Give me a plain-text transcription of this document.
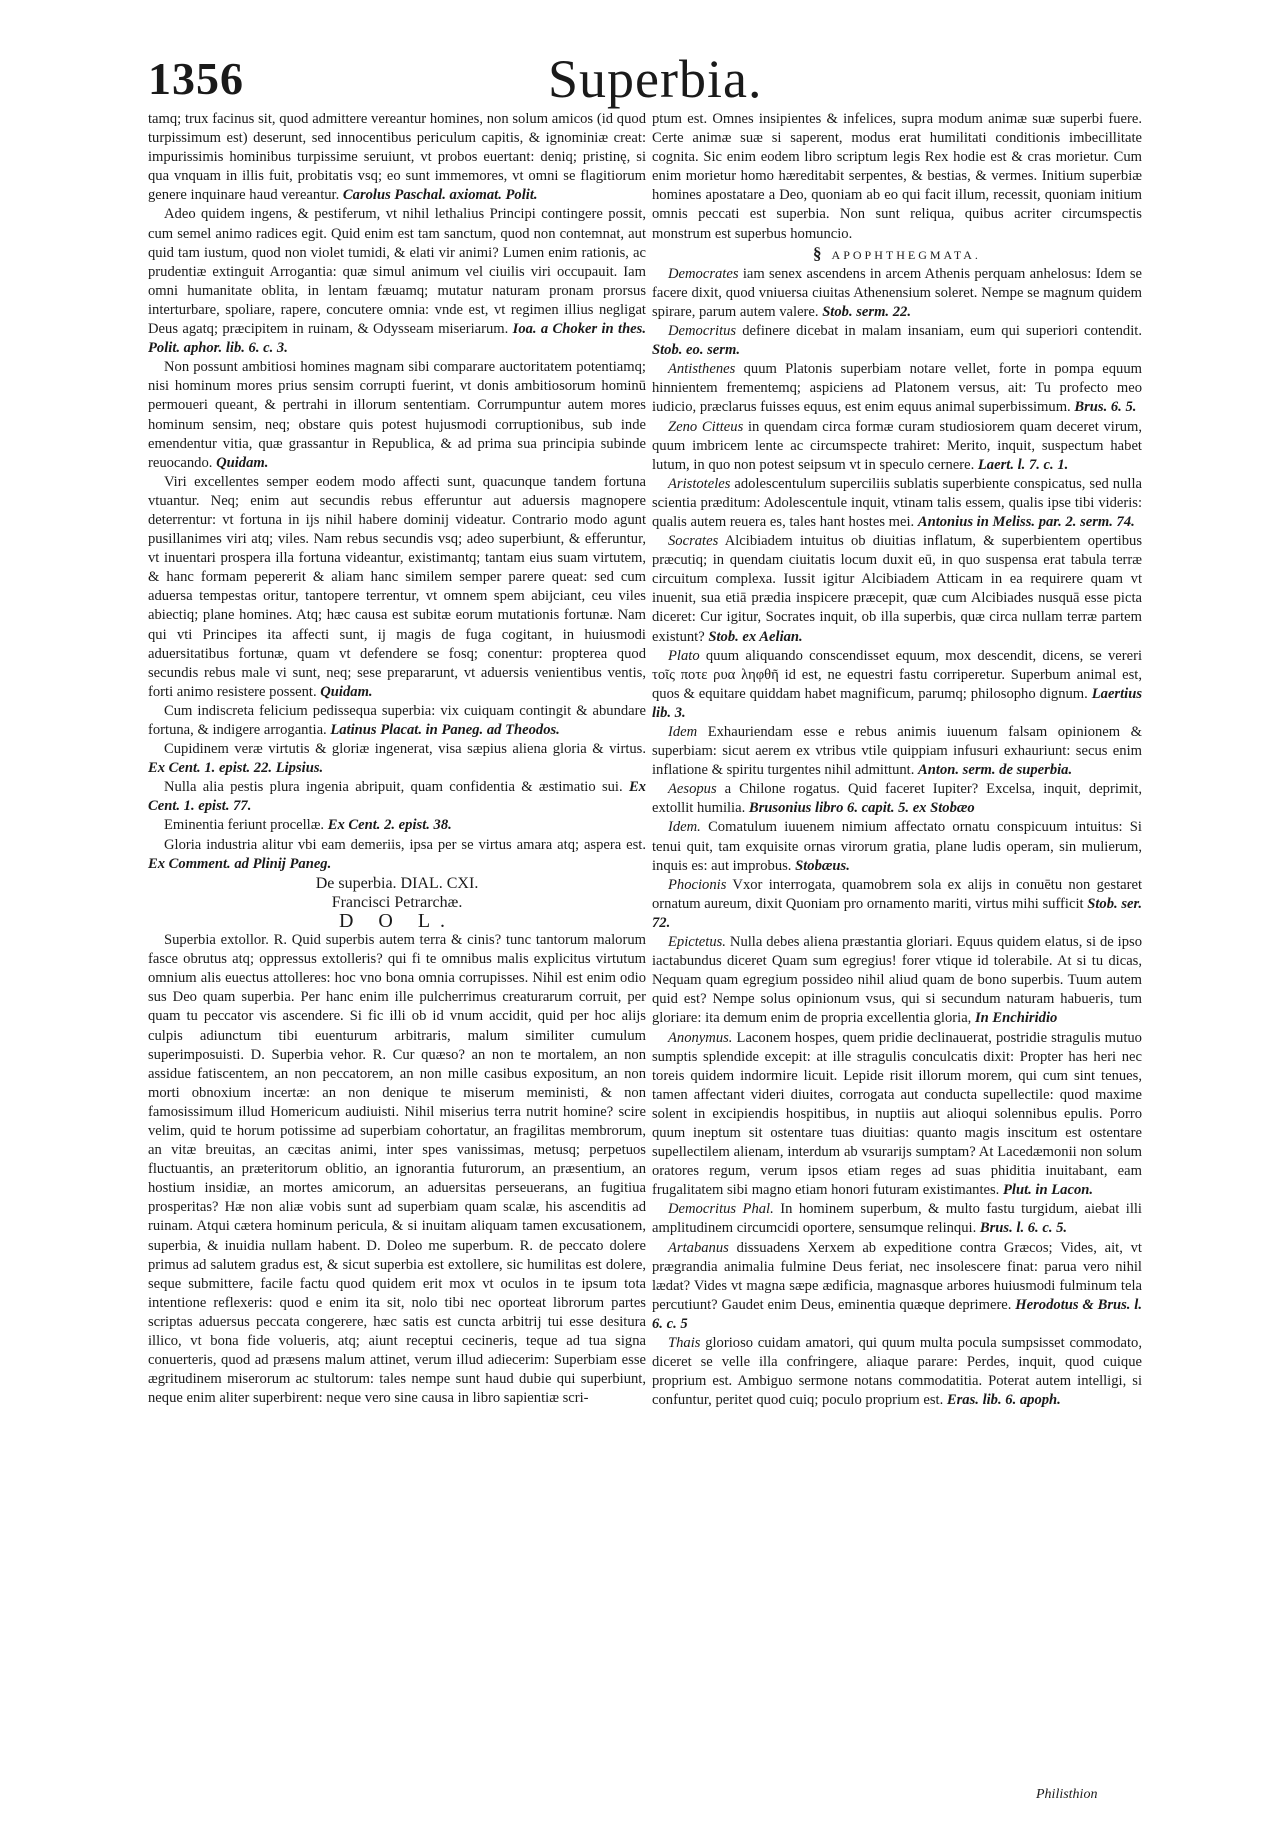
1356	Superbia.

tamq; trux facinus sit, quod admittere vereantur homines, non solum amicos (id quod turpissimum est) deserunt, sed innocentibus periculum capitis, & ignominiæ creat: impurissimis hominibus turpissime seruiunt, vt probos euertant: deniq; pristinę, si qua vnquam in illis fuit, probitatis vsq; eo sunt immemores, vt omni se flagitiorum genere inquinare haud vereantur. Carolus Paschal. axiomat. Polit.

Adeo quidem ingens, & pestiferum, vt nihil lethalius Principi contingere possit, cum semel animo radices egit. Quid enim est tam sanctum, quod non contemnat, aut quid tam iustum, quod non violet tumidi, & elati vir animi? Lumen enim rationis, ac prudentiæ extinguit Arrogantia: quæ simul animum vel ciuilis viri occupauit. Iam omni humanitate oblita, in lentam fæuamq; mutatur naturam pronam prorsus interturbare, spoliare, rapere, concutere omnia: vnde est, vt regimen illius negligat Deus agatq; præcipitem in ruinam, & Odysseam miseriarum. Ioa. a Choker in thes. Polit. aphor. lib. 6. c. 3.

Non possunt ambitiosi homines magnam sibi comparare auctoritatem potentiamq; nisi hominum mores prius sensim corrupti fuerint, vt donis ambitiosorum hominū permoueri queant, & pertrahi in illorum sententiam. Corrumpuntur autem mores hominum sensim, neq; obstare quis potest hujusmodi corruptionibus, sub inde emendentur vitia, quæ grassantur in Republica, & ad prima sua principia subinde reuocando. Quidam.

Viri excellentes semper eodem modo affecti sunt, quacunque tandem fortuna vtuantur. Neq; enim aut secundis rebus efferuntur aut aduersis magnopere deterrentur: vt fortuna in ijs nihil habere dominij videatur. Contrario modo agunt pusillanimes viri atq; viles. Nam rebus secundis vsq; adeo superbiunt, & efferuntur, vt inuentari prospera illa fortuna videantur, existimantq; tantam eius suam virtutem, & hanc formam pepererit & aliam hanc similem semper parere queat: sed cum aduersa tempestas oritur, tantopere terrentur, vt omnem spem abijciant, ceu viles abiectiq; plane homines. Atq; hæc causa est subitæ eorum mutationis fortunæ. Nam qui vti Principes ita affecti sunt, ij magis de fuga cogitant, in huiusmodi aduersitatibus fortunæ, quam vt defendere se fosq; conentur: propterea quod secundis rebus male vi sunt, neq; sese prepararunt, vt aduersis venientibus ventis, forti animo resistere possent. Quidam.

Cum indiscreta felicium pedissequa superbia: vix cuiquam contingit & abundare fortuna, & indigere arrogantia. Latinus Placat. in Paneg. ad Theodos.

Cupidinem veræ virtutis & gloriæ ingenerat, visa sæpius aliena gloria & virtus. Ex Cent. 1. epist. 22. Lipsius.

Nulla alia pestis plura ingenia abripuit, quam confidentia & æstimatio sui. Ex Cent. 1. epist. 77.

Eminentia feriunt procellæ. Ex Cent. 2. epist. 38.

Gloria industria alitur vbi eam demeriis, ipsa per se virtus amara atq; aspera est. Ex Comment. ad Plinij Paneg.

De superbia. DIAL. CXI.

Francisci Petrarchæ.

D O L.

Superbia extollor. R. Quid superbis autem terra & cinis? tunc tantorum malorum fasce obrutus atq; oppressus extolleris? qui fi te omnibus malis explicitus virtutum omnium alis euectus attolleres: hoc vno bona omnia corrupisses. Nihil est enim odio sus Deo quam superbia. Per hanc enim ille pulcherrimus creaturarum corruit, per quam tu peccator vis ascendere. Si fic illi ob id vnum accidit, quid per hoc alijs culpis adiunctum tibi euenturum arbitraris, malum similiter cumulum superimposuisti. D. Superbia vehor. R. Cur quæso? an non te mortalem, an non assidue fatiscentem, an non peccatorem, an non mille casibus expositum, an non morti obnoxium incertæ: an non denique te miserum meministi, & non famosissimum illud Homericum audiuisti. Nihil miserius terra nutrit homine? scire velim, quid te horum potissime ad superbiam cohortatur, an fragilitas membrorum, an vitæ breuitas, an cæcitas animi, inter spes vanissimas, metusq; perpetuos fluctuantis, an præteritorum oblitio, an ignorantia futurorum, an præsentium, an hostium insidiæ, an mortes amicorum, an aduersitas perseuerans, an fugitiua prosperitas? Hæ non aliæ vobis sunt ad superbiam quam scalæ, his ascenditis ad ruinam. Atqui cætera hominum pericula, & si inuitam aliquam tamen excusationem, superbia, & inuidia nullam habent. D. Doleo me superbum. R. de peccato dolere primus ad salutem gradus est, & sicut superbia est extollere, sic humilitas est dolere, seque submittere, facile factu quod quidem erit mox vt oculos in te ipsum tota intentione reflexeris: quod e enim ita sit, nolo tibi nec oporteat librorum partes scriptas aduersus peccata congerere, hæc satis est cuncta arbitrij tui esse desitura illico, vt bona fide volueris, atq; aiunt receptui cecineris, teque ad tua signa conuerteris, quod ad præsens malum attinet, verum illud adiecerim: Superbiam esse ægritudinem miserorum ac stultorum: tales nempe sunt haud dubie qui superbiunt, neque enim aliter superbirent: neque vero sine causa in libro sapientiæ scri-

ptum est. Omnes insipientes & infelices, supra modum animæ suæ superbi fuere. Certe animæ suæ si saperent, modus erat humilitati conditionis imbecillitate cognita. Sic enim eodem libro scriptum legis Rex hodie est & cras morietur. Cum enim morietur homo hæreditabit serpentes, & bestias, & vermes. Initium superbiæ homines apostatare a Deo, quoniam ab eo qui facit illum, recessit, quoniam initium omnis peccati est superbia. Non sunt reliqua, quibus acriter circumspectis monstrum est superbus homuncio.

§ APOPHTHEGMATA.

Democrates iam senex ascendens in arcem Athenis perquam anhelosus: Idem se facere dixit, quod vniuersa ciuitas Athenensium soleret. Nempe se magnum quidem spirare, parum autem valere. Stob. serm. 22.

Democritus definere dicebat in malam insaniam, eum qui superiori contendit. Stob. eo. serm.

Antisthenes quum Platonis superbiam notare vellet, forte in pompa equum hinnientem frementemq; aspiciens ad Platonem versus, ait: Tu profecto meo iudicio, præclarus fuisses equus, est enim equus animal superbissimum. Brus. 6. 5.

Zeno Citteus in quendam circa formæ curam studiosiorem quam deceret virum, quum imbricem lente ac circumspecte trahiret: Merito, inquit, suspectum habet lutum, in quo non potest seipsum vt in speculo cernere. Laert. l. 7. c. 1.

Aristoteles adolescentulum superciliis sublatis superbiente conspicatus, sed nulla scientia præditum: Adolescentule inquit, vtinam talis essem, qualis ipse tibi videris: qualis autem reuera es, tales hant hostes mei. Antonius in Meliss. par. 2. serm. 74.

Socrates Alcibiadem intuitus ob diuitias inflatum, & superbientem opertibus præcutiq; in quendam ciuitatis locum duxit eū, in quo suspensa erat tabula terræ circuitum complexa. Iussit igitur Alcibiadem Atticam in ea requirere quam vt inuenit, sua etiā prædia inspicere præcepit, quæ cum Alcibiades nusquā esse picta diceret: Cur igitur, Socrates inquit, ob illa superbis, quæ circa nullam terræ partem existunt? Stob. ex Aelian.

Plato quum aliquando conscendisset equum, mox descendit, dicens, se vereri τοῖς ποτε ρυα ληφθῆ id est, ne equestri fastu corriperetur. Superbum animal est, quos & equitare quiddam habet magnificum, parumq; philosopho dignum. Laertius lib. 3.

Idem Exhauriendam esse e rebus animis iuuenum falsam opinionem & superbiam: sicut aerem ex vtribus vtile quippiam infusuri exhauriunt: secus enim inflatione & spiritu turgentes nihil admittunt. Anton. serm. de superbia.

Aesopus a Chilone rogatus. Quid faceret Iupiter? Excelsa, inquit, deprimit, extollit humilia. Brusonius libro 6. capit. 5. ex Stobæo

Idem. Comatulum iuuenem nimium affectato ornatu conspicuum intuitus: Si tenui quit, tam exquisite ornas virorum gratia, plane ludis operam, sin mulierum, inquis es: aut improbus. Stobæus.

Phocionis Vxor interrogata, quamobrem sola ex alijs in conuētu non gestaret ornatum aureum, dixit Quoniam pro ornamento mariti, virtus mihi sufficit Stob. ser. 72.

Epictetus. Nulla debes aliena præstantia gloriari. Equus quidem elatus, si de ipso iactabundus diceret Quam sum egregius! forer vtique id tolerabile. At si tu dicas, Nequam quam egregium possideo nihil aliud quam de bono superbis. Tuum autem quid est? Nempe solus opinionum vsus, qui si secundum naturam habueris, tum gloriare: ita demum enim de propria excellentia gloria, In Enchiridio

Anonymus. Laconem hospes, quem pridie declinauerat, postridie stragulis mutuo sumptis splendide excepit: at ille stragulis conculcatis dixit: Propter has heri nec toreis quidem indormire licuit. Lepide risit illorum morem, qui cum sint tenues, tamen affectant videri diuites, corrogata aut conducta supellectile: quod maxime solent in excipiendis hospitibus, in nuptiis aut alioqui solennibus epulis. Porro quum ineptum sit ostentare tuas diuitias: quanto magis inscitum est ostentare supellectilem alienam, interdum ab vsurarijs sumptam? At Lacedæmonii non solum oratores regum, verum ipsos etiam reges ad suas phiditia inuitabant, eam frugalitatem sibi magno etiam honori futuram existimantes. Plut. in Lacon.

Democritus Phal. In hominem superbum, & multo fastu turgidum, aiebat illi amplitudinem circumcidi oportere, sensumque relinqui. Brus. l. 6. c. 5.

Artabanus dissuadens Xerxem ab expeditione contra Græcos; Vides, ait, vt prægrandia animalia fulmine Deus feriat, nec insolescere finat: parua vero nihil lædat? Vides vt magna sæpe ædificia, magnasque arbores huiusmodi fulminum tela percutiunt? Gaudet enim Deus, eminentia quæque deprimere. Herodotus & Brus. l. 6. c. 5

Thais glorioso cuidam amatori, qui quum multa pocula sumpsisset commodato, diceret se velle illa confringere, aliaque parare: Perdes, inquit, quod cuique proprium est. Ambiguo sermone notans commodatitia. Poterat autem intelligi, si confuntur, peritet quod cuiq; poculo proprium est. Eras. lib. 6. apoph.

Philisthion
